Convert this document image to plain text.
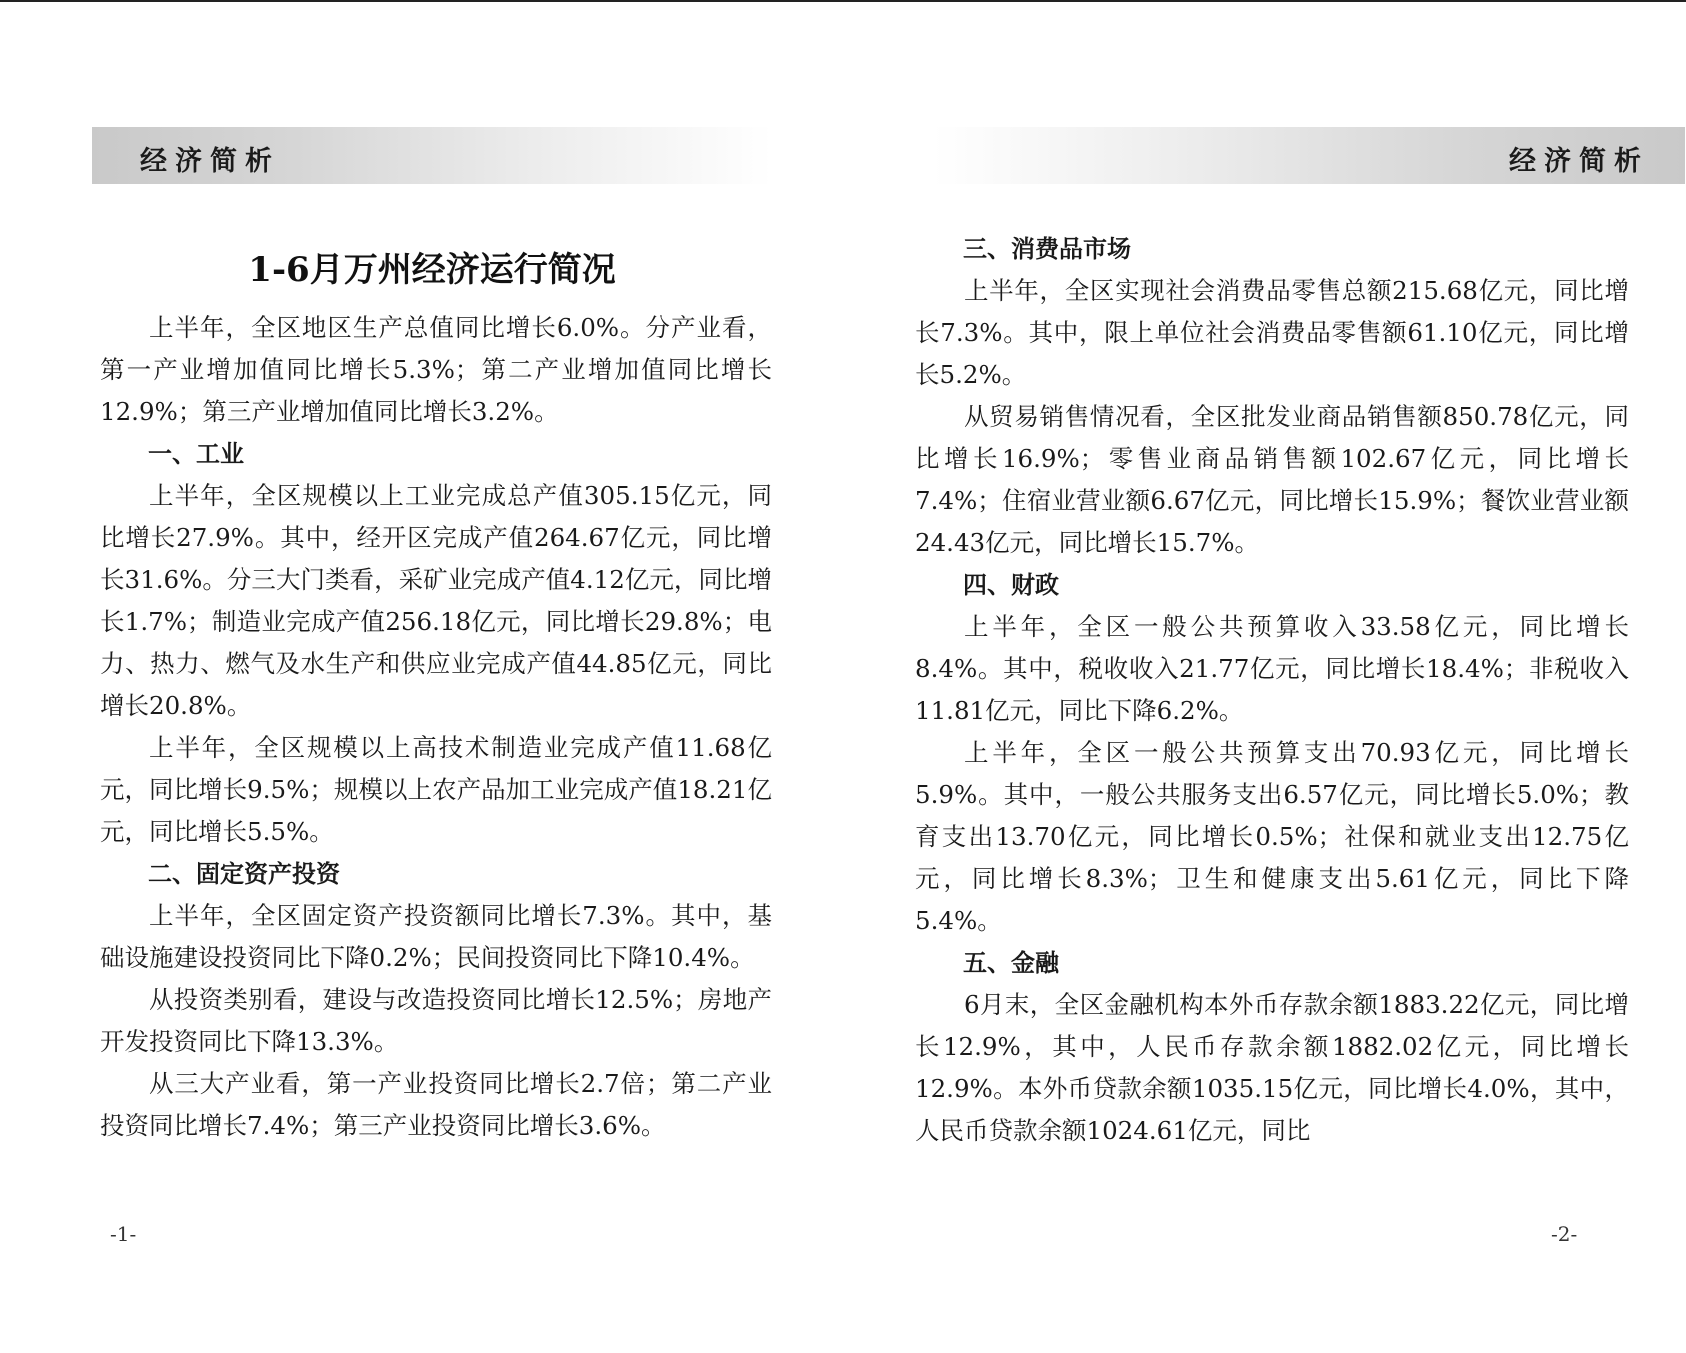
经济简析
1-6月万州经济运行简况

上半年，全区地区生产总值同比增长6.0%。分产业看，第一产业增加值同比增长5.3%；第二产业增加值同比增长12.9%；第三产业增加值同比增长3.2%。

一、工业

上半年，全区规模以上工业完成总产值305.15亿元，同比增长27.9%。其中，经开区完成产值264.67亿元，同比增长31.6%。分三大门类看，采矿业完成产值4.12亿元，同比增长1.7%；制造业完成产值256.18亿元，同比增长29.8%；电力、热力、燃气及水生产和供应业完成产值44.85亿元，同比增长20.8%。

上半年，全区规模以上高技术制造业完成产值11.68亿元，同比增长9.5%；规模以上农产品加工业完成产值18.21亿元，同比增长5.5%。

二、固定资产投资

上半年，全区固定资产投资额同比增长7.3%。其中，基础设施建设投资同比下降0.2%；民间投资同比下降10.4%。

从投资类别看，建设与改造投资同比增长12.5%；房地产开发投资同比下降13.3%。

从三大产业看，第一产业投资同比增长2.7倍；第二产业投资同比增长7.4%；第三产业投资同比增长3.6%。

-1-
经济简析

三、消费品市场

上半年，全区实现社会消费品零售总额215.68亿元，同比增长7.3%。其中，限上单位社会消费品零售额61.10亿元，同比增长5.2%。

从贸易销售情况看，全区批发业商品销售额850.78亿元，同比增长16.9%；零售业商品销售额102.67亿元，同比增长7.4%；住宿业营业额6.67亿元，同比增长15.9%；餐饮业营业额24.43亿元，同比增长15.7%。

四、财政

上半年，全区一般公共预算收入33.58亿元，同比增长8.4%。其中，税收收入21.77亿元，同比增长18.4%；非税收入11.81亿元，同比下降6.2%。

上半年，全区一般公共预算支出70.93亿元，同比增长5.9%。其中，一般公共服务支出6.57亿元，同比增长5.0%；教育支出13.70亿元，同比增长0.5%；社保和就业支出12.75亿元，同比增长8.3%；卫生和健康支出5.61亿元，同比下降5.4%。

五、金融

6月末，全区金融机构本外币存款余额1883.22亿元，同比增长12.9%，其中，人民币存款余额1882.02亿元，同比增长12.9%。本外币贷款余额1035.15亿元，同比增长4.0%，其中，人民币贷款余额1024.61亿元，同比

-2-
